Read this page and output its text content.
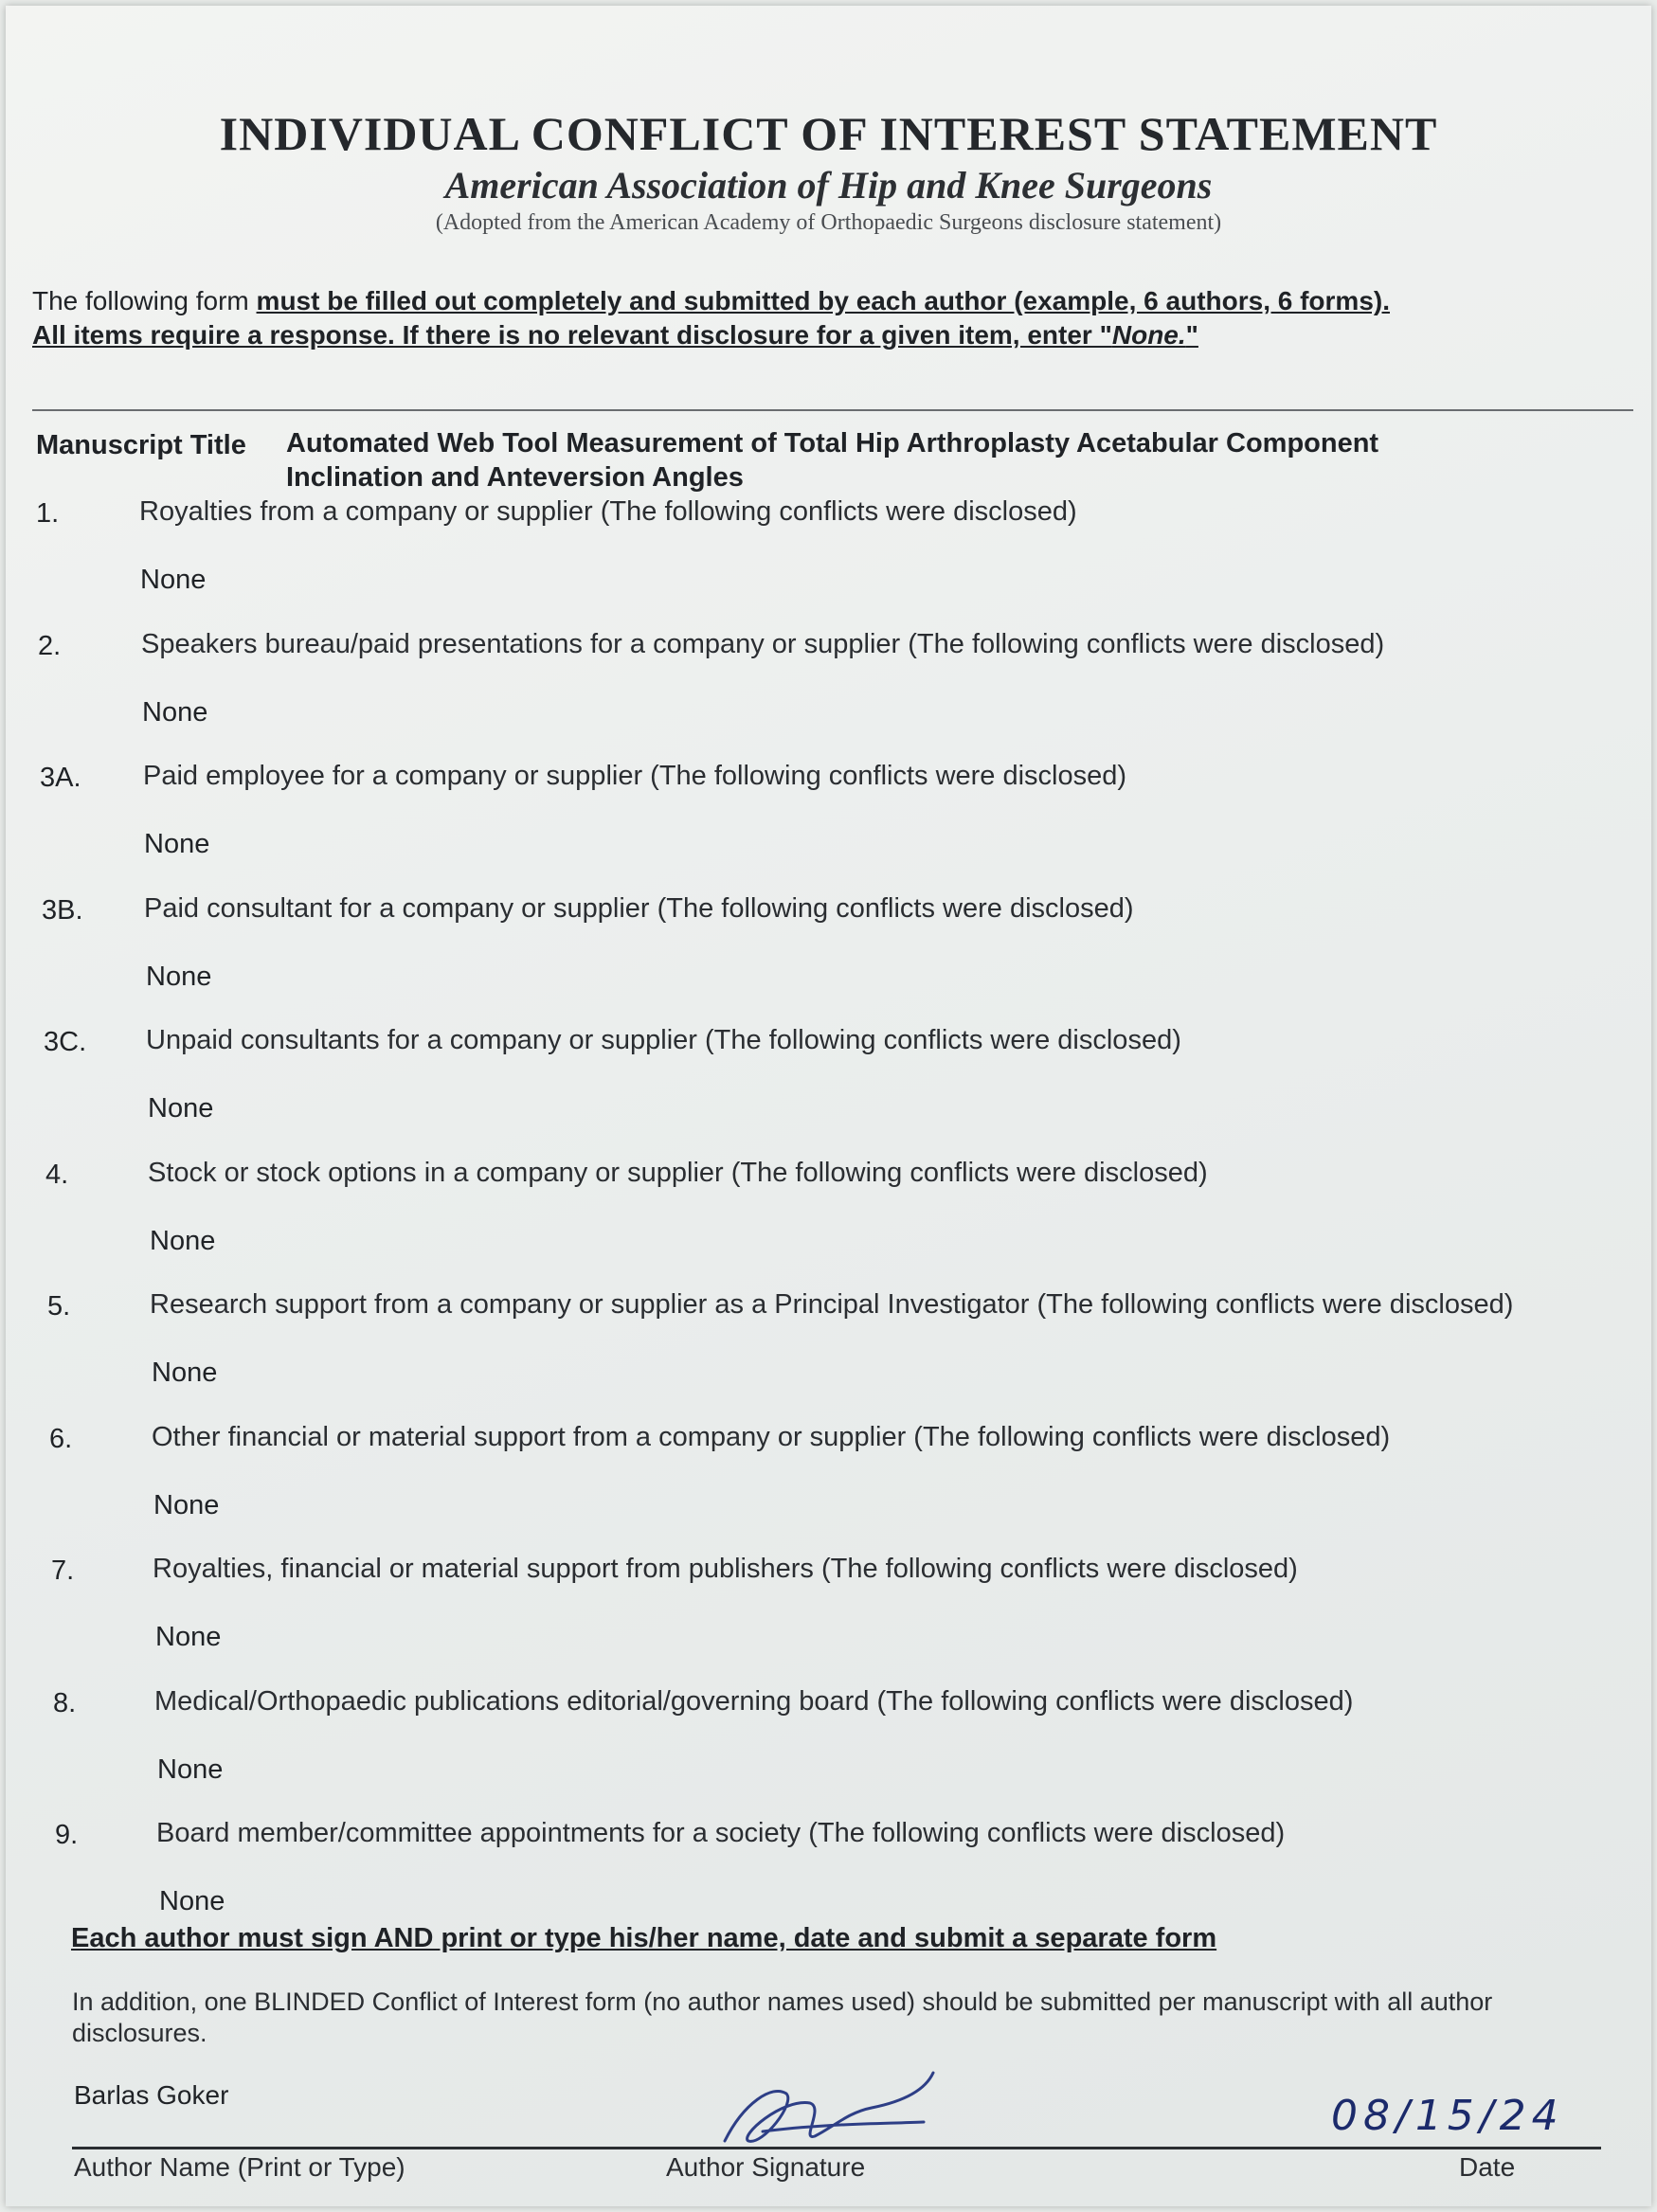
INDIVIDUAL CONFLICT OF INTEREST STATEMENT
American Association of Hip and Knee Surgeons
(Adopted from the American Academy of Orthopaedic Surgeons disclosure statement)
The following form must be filled out completely and submitted by each author (example, 6 authors, 6 forms).
All items require a response. If there is no relevant disclosure for a given item, enter "None."
Manuscript Title Automated Web Tool Measurement of Total Hip Arthroplasty Acetabular Component Inclination and Anteversion Angles
1.	Royalties from a company or supplier (The following conflicts were disclosed)
None
2.	Speakers bureau/paid presentations for a company or supplier (The following conflicts were disclosed)
None
3A. Paid employee for a company or supplier (The following conflicts were disclosed)
None
3B. Paid consultant for a company or supplier (The following conflicts were disclosed)
None
3C. Unpaid consultants for a company or supplier (The following conflicts were disclosed)
None
4.	Stock or stock options in a company or supplier (The following conflicts were disclosed)
None
5.	Research support from a company or supplier as a Principal Investigator (The following conflicts were disclosed)
None
6.	Other financial or material support from a company or supplier (The following conflicts were disclosed)
None
7.	Royalties, financial or material support from publishers (The following conflicts were disclosed)
None
8.	Medical/Orthopaedic publications editorial/governing board (The following conflicts were disclosed)
None
9.	Board member/committee appointments for a society (The following conflicts were disclosed)
None
Each author must sign AND print or type his/her name, date and submit a separate form
In addition, one BLINDED Conflict of Interest form (no author names used) should be submitted per manuscript with all author disclosures.
Barlas Goker	08/15/24
Author Name (Print or Type)	Author Signature	Date
